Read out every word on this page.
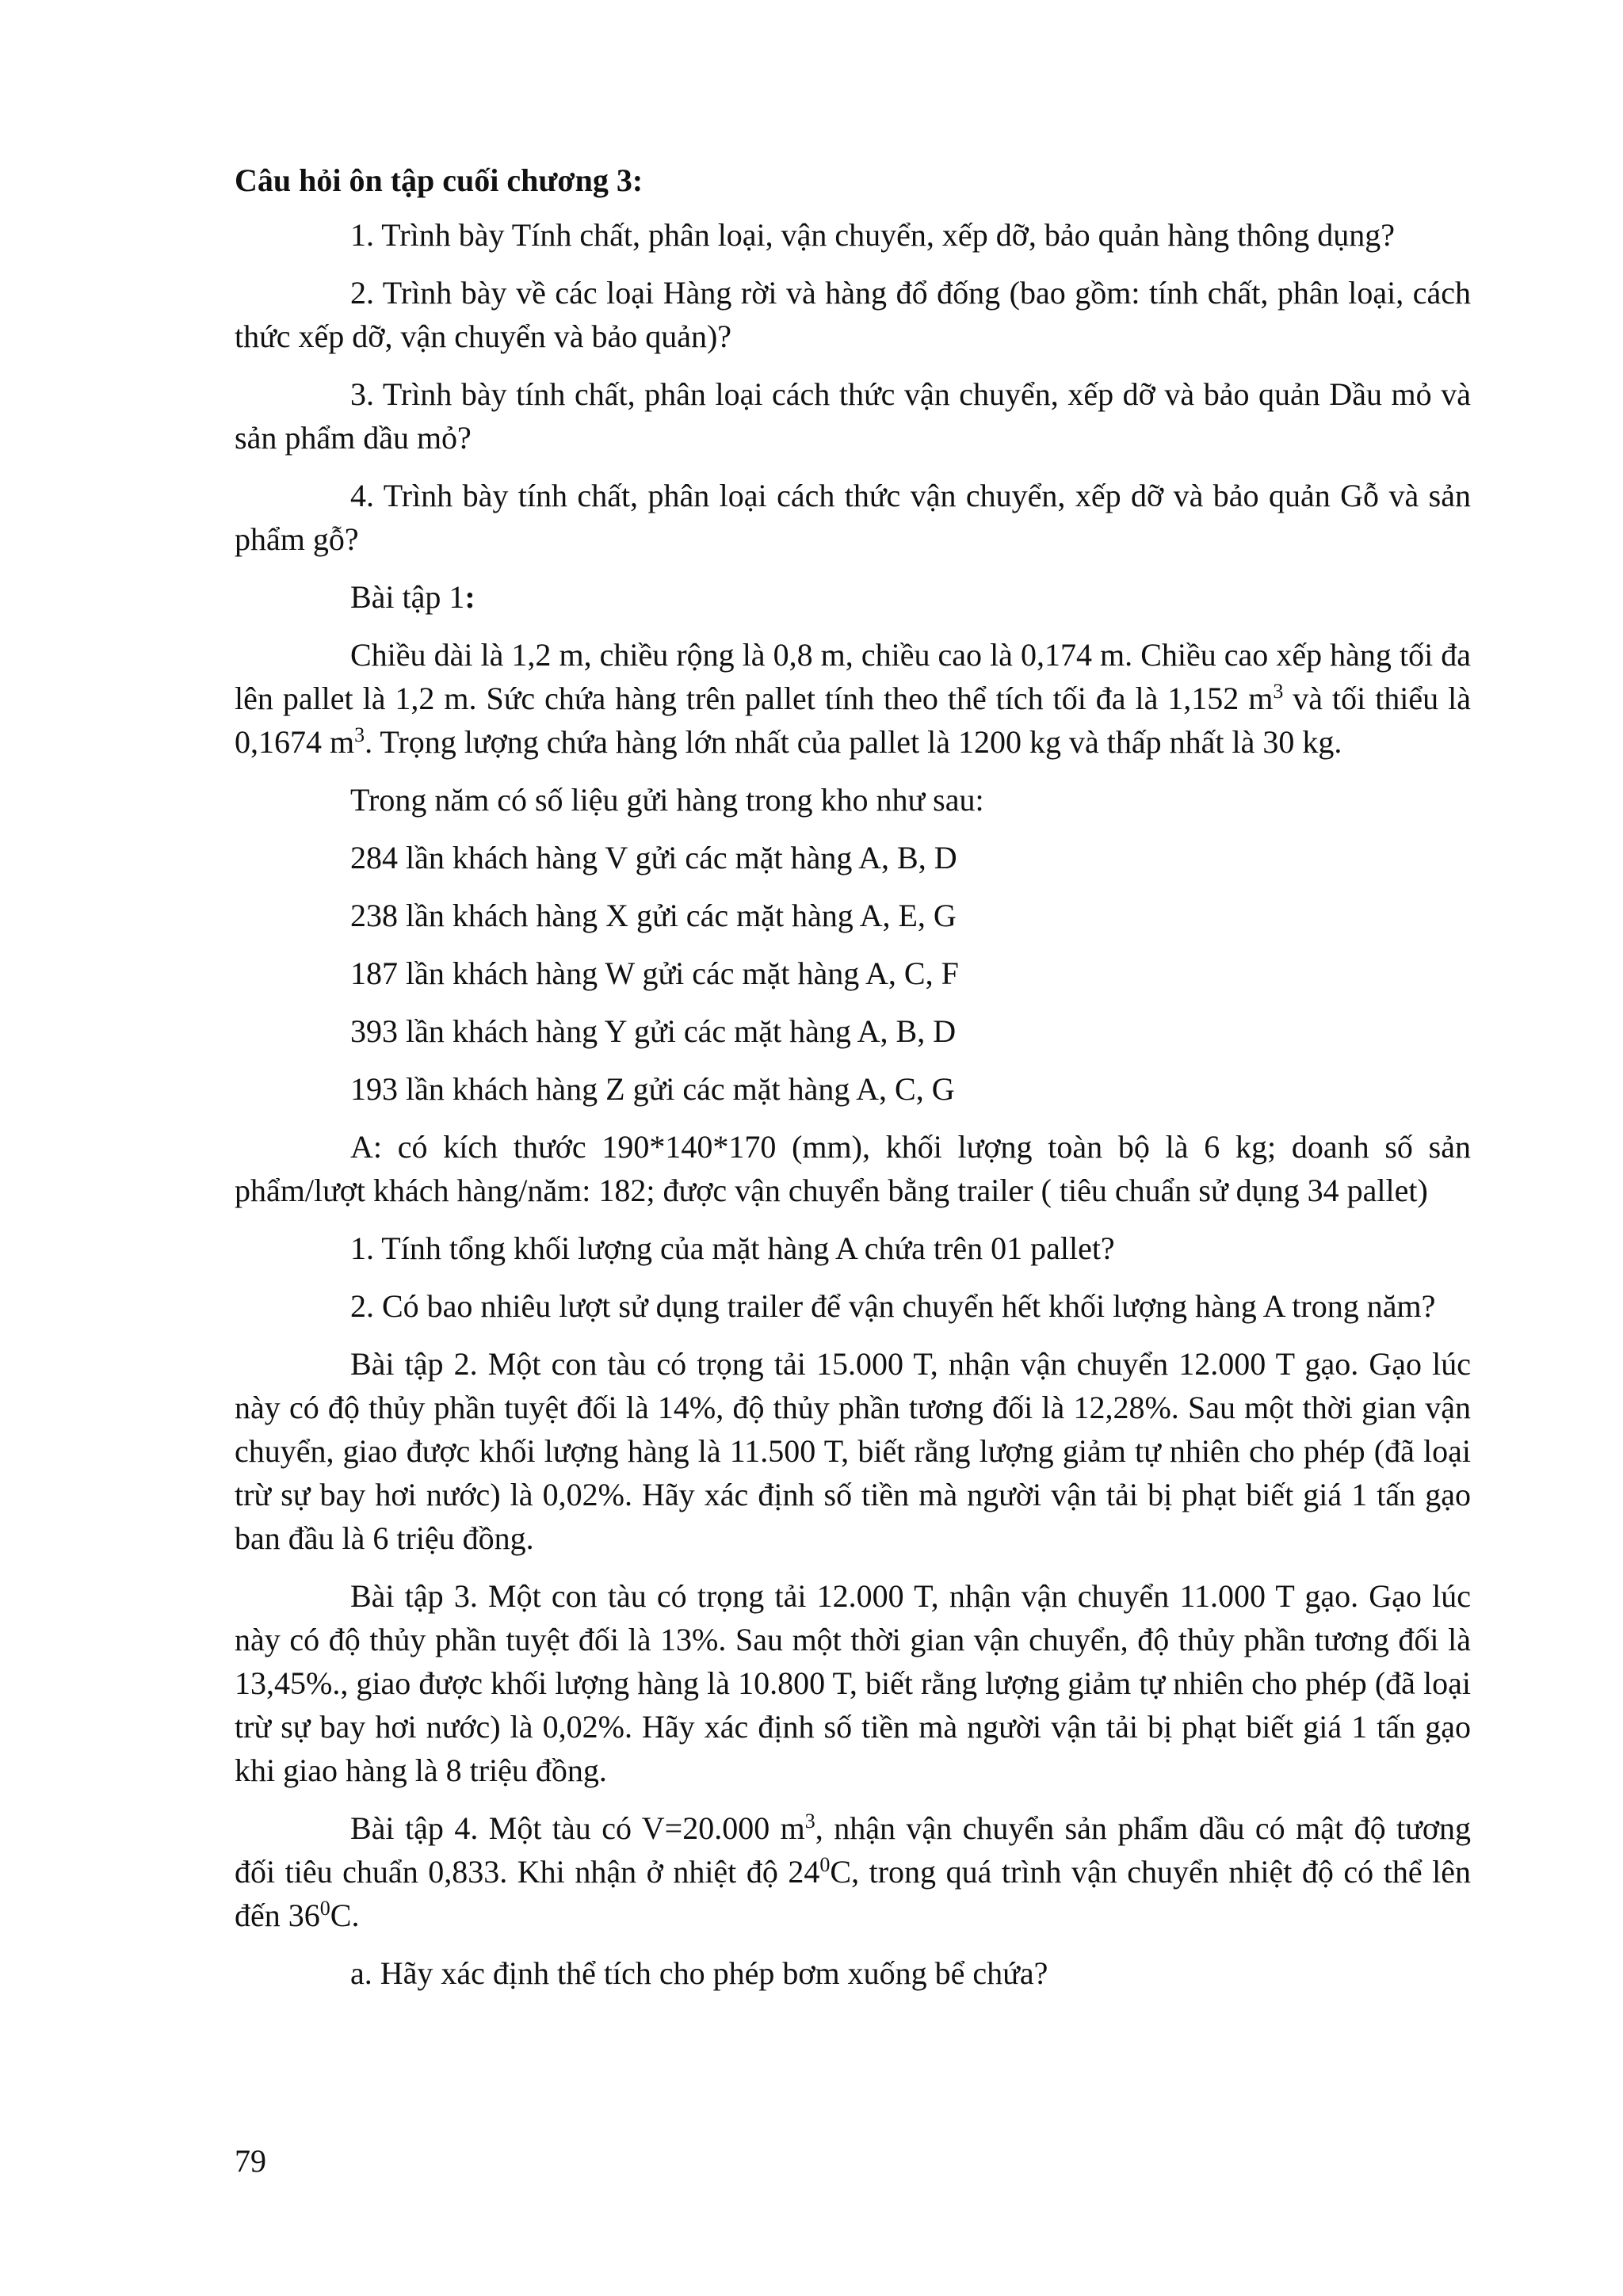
Câu hỏi ôn tập cuối chương 3:

1. Trình bày Tính chất, phân loại, vận chuyển, xếp dỡ, bảo quản hàng thông dụng?

2. Trình bày về các loại Hàng rời và hàng đổ đống (bao gồm: tính chất, phân loại, cách thức xếp dỡ, vận chuyển và bảo quản)?

3. Trình bày tính chất, phân loại cách thức vận chuyển, xếp dỡ và bảo quản Dầu mỏ và sản phẩm dầu mỏ?

4. Trình bày tính chất, phân loại cách thức vận chuyển, xếp dỡ và bảo quản Gỗ và sản phẩm gỗ?

Bài tập 1:

Chiều dài là 1,2 m, chiều rộng là 0,8 m, chiều cao là 0,174 m. Chiều cao xếp hàng tối đa lên pallet là 1,2 m. Sức chứa hàng trên pallet tính theo thể tích tối đa là 1,152 $m^3$ và tối thiểu là 0,1674 $m^3$. Trọng lượng chứa hàng lớn nhất của pallet là 1200 kg và thấp nhất là 30 kg.

Trong năm có số liệu gửi hàng trong kho như sau:

284 lần khách hàng V gửi các mặt hàng A, B, D

238 lần khách hàng X gửi các mặt hàng A, E, G

187 lần khách hàng W gửi các mặt hàng A, C, F

393 lần khách hàng Y gửi các mặt hàng A, B, D

193 lần khách hàng Z gửi các mặt hàng A, C, G

A: có kích thước 190*140*170 (mm), khối lượng toàn bộ là 6 kg; doanh số sản phẩm/lượt khách hàng/năm: 182; được vận chuyển bằng trailer ( tiêu chuẩn sử dụng 34 pallet)

1. Tính tổng khối lượng của mặt hàng A chứa trên 01 pallet?

2. Có bao nhiêu lượt sử dụng trailer để vận chuyển hết khối lượng hàng A trong năm?

Bài tập 2. Một con tàu có trọng tải 15.000 T, nhận vận chuyển 12.000 T gạo. Gạo lúc này có độ thủy phần tuyệt đối là 14%, độ thủy phần tương đối là 12,28%. Sau một thời gian vận chuyển, giao được khối lượng hàng là 11.500 T, biết rằng lượng giảm tự nhiên cho phép (đã loại trừ sự bay hơi nước) là 0,02%. Hãy xác định số tiền mà người vận tải bị phạt biết giá 1 tấn gạo ban đầu là 6 triệu đồng.

Bài tập 3. Một con tàu có trọng tải 12.000 T, nhận vận chuyển 11.000 T gạo. Gạo lúc này có độ thủy phần tuyệt đối là 13%. Sau một thời gian vận chuyển, độ thủy phần tương đối là 13,45%., giao được khối lượng hàng là 10.800 T, biết rằng lượng giảm tự nhiên cho phép (đã loại trừ sự bay hơi nước) là 0,02%. Hãy xác định số tiền mà người vận tải bị phạt biết giá 1 tấn gạo khi giao hàng là 8 triệu đồng.

Bài tập 4. Một tàu có V=20.000 $m^3$, nhận vận chuyển sản phẩm dầu có mật độ tương đối tiêu chuẩn 0,833. Khi nhận ở nhiệt độ $24^0C$, trong quá trình vận chuyển nhiệt độ có thể lên đến $36^0C$.

a. Hãy xác định thể tích cho phép bơm xuống bể chứa?

79
